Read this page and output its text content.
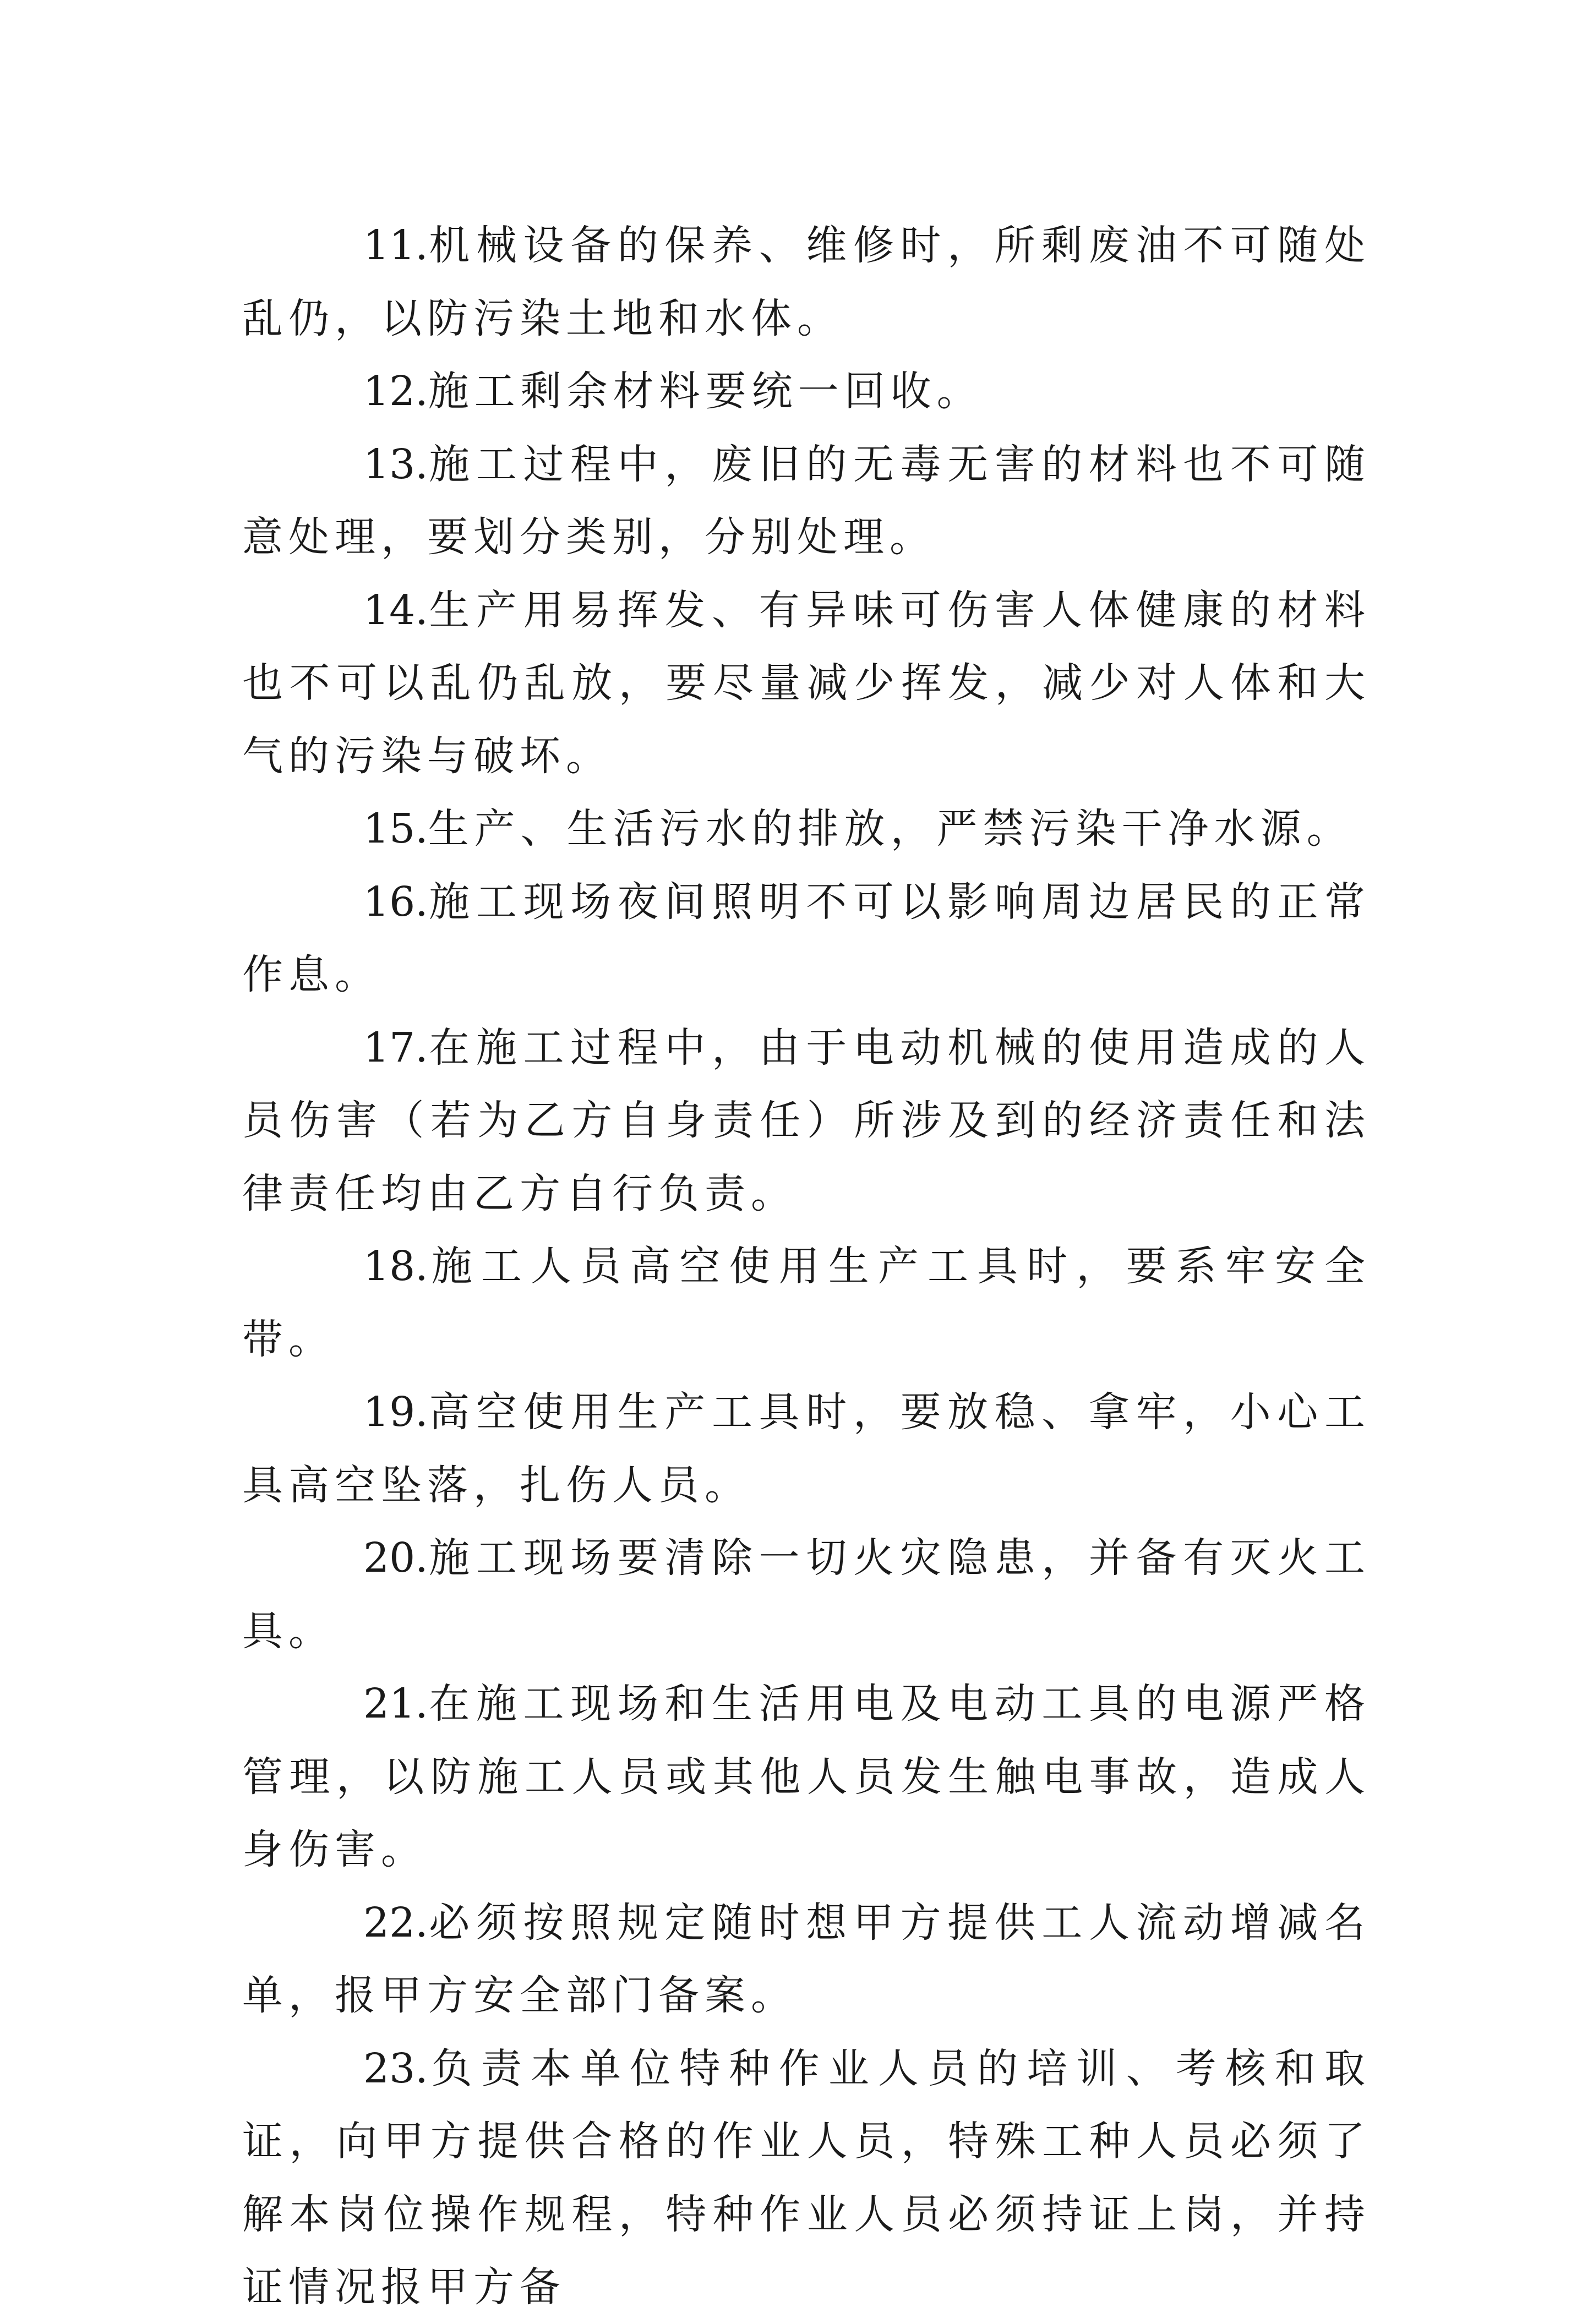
11.机械设备的保养、维修时，所剩废油不可随处乱仍，以防污染土地和水体。

12.施工剩余材料要统一回收。

13.施工过程中，废旧的无毒无害的材料也不可随意处理，要划分类别，分别处理。

14.生产用易挥发、有异味可伤害人体健康的材料也不可以乱仍乱放，要尽量减少挥发，减少对人体和大气的污染与破坏。

15.生产、生活污水的排放，严禁污染干净水源。

16.施工现场夜间照明不可以影响周边居民的正常作息。

17.在施工过程中，由于电动机械的使用造成的人员伤害（若为乙方自身责任）所涉及到的经济责任和法律责任均由乙方自行负责。

18.施工人员高空使用生产工具时，要系牢安全带。

19.高空使用生产工具时，要放稳、拿牢，小心工具高空坠落，扎伤人员。

20.施工现场要清除一切火灾隐患，并备有灭火工具。

21.在施工现场和生活用电及电动工具的电源严格管理，以防施工人员或其他人员发生触电事故，造成人身伤害。

22.必须按照规定随时想甲方提供工人流动增减名单，报甲方安全部门备案。

23.负责本单位特种作业人员的培训、考核和取证，向甲方提供合格的作业人员，特殊工种人员必须了解本岗位操作规程，特种作业人员必须持证上岗，并持证情况报甲方备
